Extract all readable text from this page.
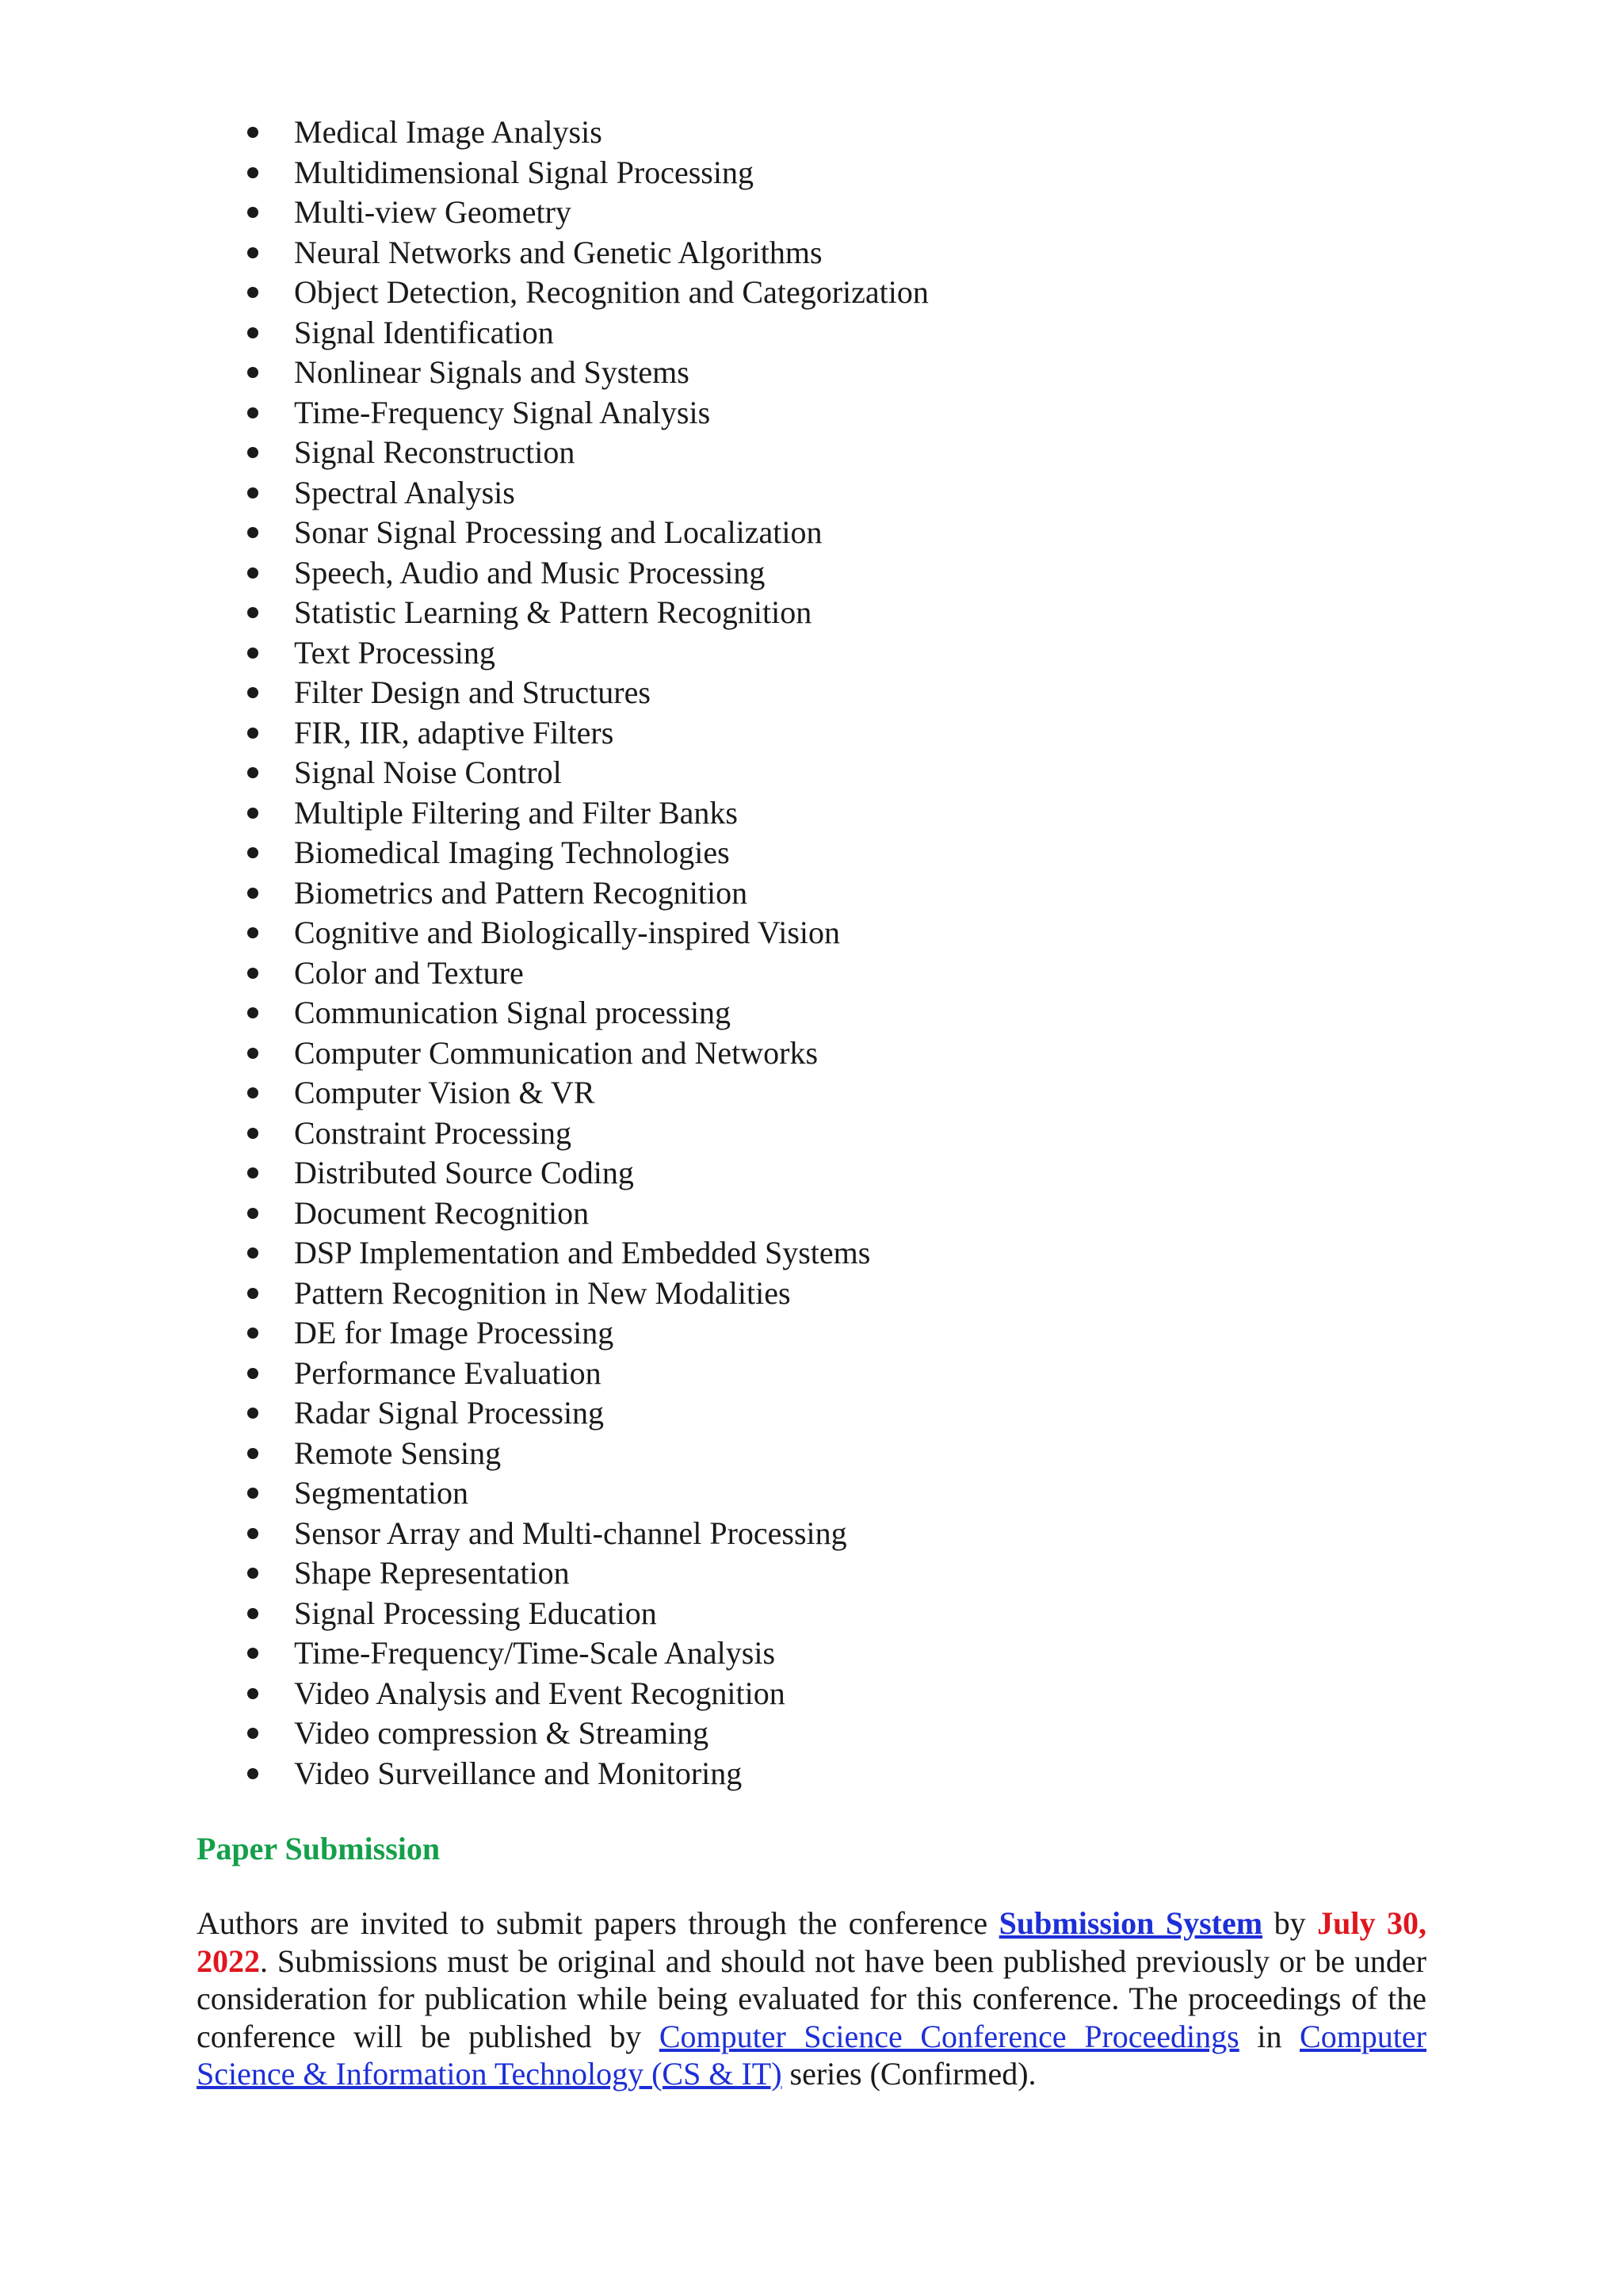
Medical Image Analysis
Multidimensional Signal Processing
Multi-view Geometry
Neural Networks and Genetic Algorithms
Object Detection, Recognition and Categorization
Signal Identification
Nonlinear Signals and Systems
Time-Frequency Signal Analysis
Signal Reconstruction
Spectral Analysis
Sonar Signal Processing and Localization
Speech, Audio and Music Processing
Statistic Learning & Pattern Recognition
Text Processing
Filter Design and Structures
FIR, IIR, adaptive Filters
Signal Noise Control
Multiple Filtering and Filter Banks
Biomedical Imaging Technologies
Biometrics and Pattern Recognition
Cognitive and Biologically-inspired Vision
Color and Texture
Communication Signal processing
Computer Communication and Networks
Computer Vision & VR
Constraint Processing
Distributed Source Coding
Document Recognition
DSP Implementation and Embedded Systems
Pattern Recognition in New Modalities
DE for Image Processing
Performance Evaluation
Radar Signal Processing
Remote Sensing
Segmentation
Sensor Array and Multi-channel Processing
Shape Representation
Signal Processing Education
Time-Frequency/Time-Scale Analysis
Video Analysis and Event Recognition
Video compression & Streaming
Video Surveillance and Monitoring
Paper Submission

Authors are invited to submit papers through the conference Submission System by July 30, 2022. Submissions must be original and should not have been published previously or be under consideration for publication while being evaluated for this conference. The proceedings of the conference will be published by Computer Science Conference Proceedings in Computer Science & Information Technology (CS & IT) series (Confirmed).
